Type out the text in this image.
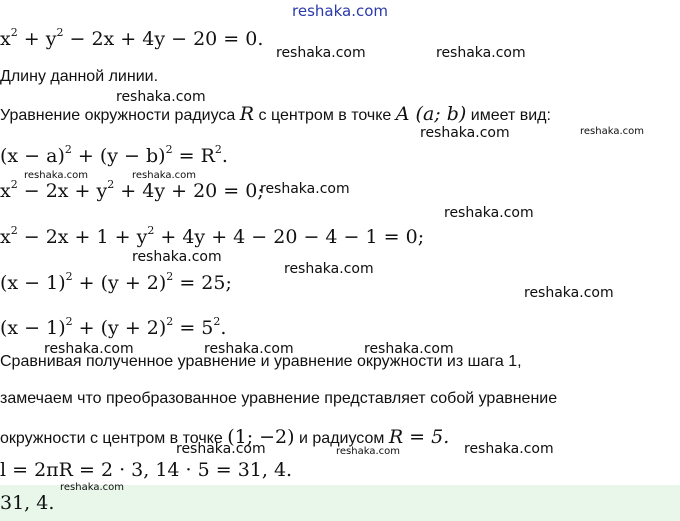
$x^2 + y^2 - 2x + 4y - 20 = 0$.
Длину данной линии.
Уравнение окружности радиуса R с центром в точке A (a; b) имеет вид:
$(x - a)^2 + (y - b)^2 = R^2$.
$x^2 - 2x + y^2 + 4y + 20 = 0$;
$x^2 - 2x + 1 + y^2 + 4y + 4 - 20 - 4 - 1 = 0$;
$(x - 1)^2 + (y + 2)^2 = 25$;
$(x - 1)^2 + (y + 2)^2 = 5^2$.
Сравнивая полученное уравнение и уравнение окружности из шага 1,
замечаем что преобразованное уравнение представляет собой уравнение
окружности с центром в точке (1; −2) и радиусом R = 5.
l = 2πR = 2 · 3, 14 · 5 = 31, 4.
31, 4.
reshaka.com
reshaka.com	reshaka.com
reshaka.com
reshaka.com	reshaka.com
reshaka.com	reshaka.com
reshaka.com
reshaka.com
reshaka.com
reshaka.com
reshaka.com
reshaka.com	reshaka.com	reshaka.com
reshaka.com	reshaka.com	reshaka.com
reshaka.com
